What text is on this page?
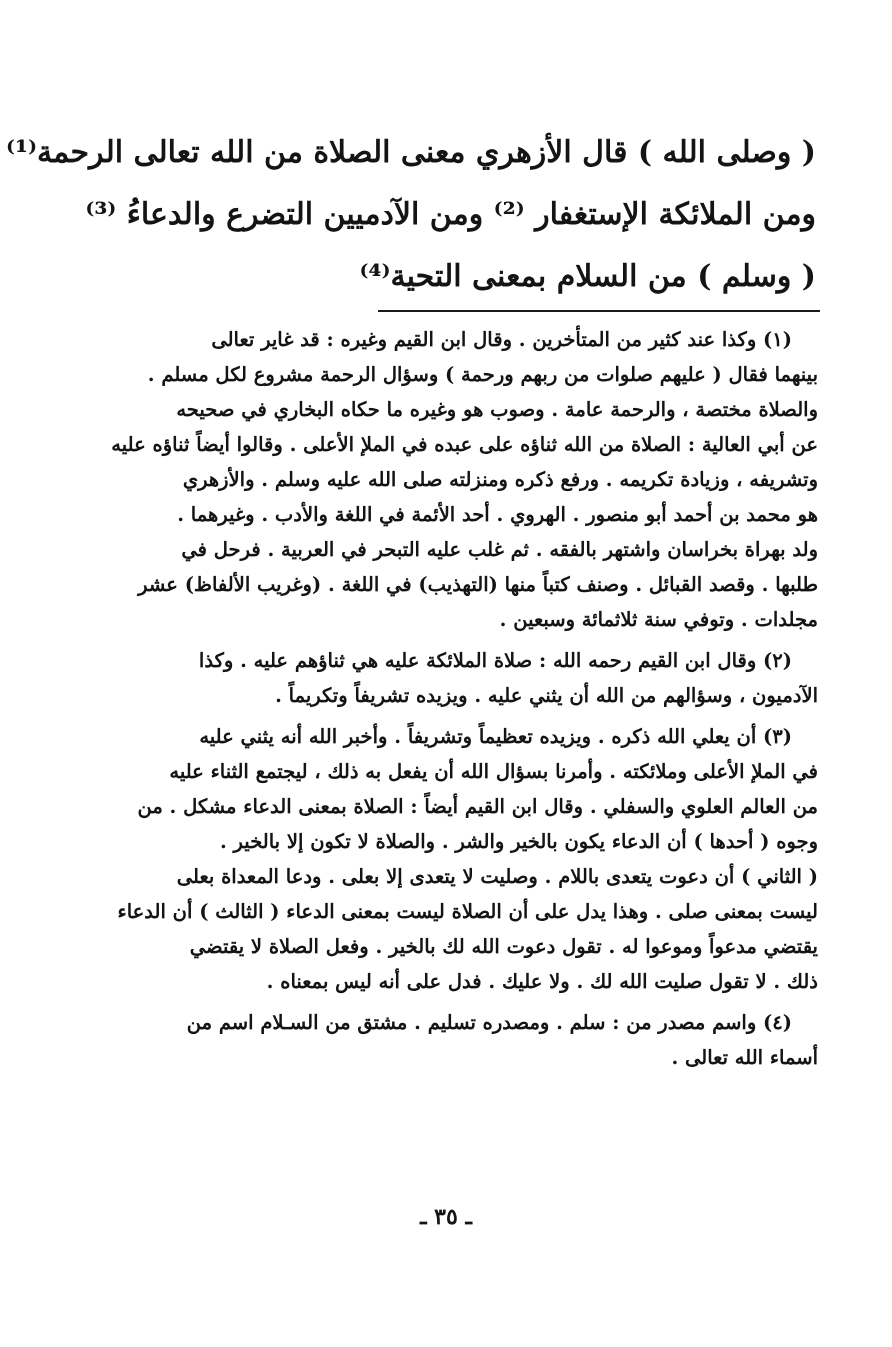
( وصلى الله ) قال الأزهري معنى الصلاة من الله تعالى الرحمة⁽¹⁾
ومن الملائكة الإستغفار ⁽²⁾ ومن الآدميين التضرع والدعاءُ ⁽³⁾
( وسلم ) من السلام بمعنى التحية⁽⁴⁾
(١) وكذا عند كثير من المتأخرين . وقال ابن القيم وغيره : قد غاير تعالى
بينهما فقال ( عليهم صلوات من ربهم ورحمة ) وسؤال الرحمة مشروع لكل مسلم .
والصلاة مختصة ، والرحمة عامة . وصوب هو وغيره ما حكاه البخاري في صحيحه
عن أبي العالية : الصلاة من الله ثناؤه على عبده في الملإ الأعلى . وقالوا أيضاً ثناؤه عليه
وتشريفه ، وزيادة تكريمه . ورفع ذكره ومنزلته صلى الله عليه وسلم . والأزهري
هو محمد بن أحمد أبو منصور . الهروي . أحد الأئمة في اللغة والأدب . وغيرهما .
ولد بهراة بخراسان واشتهر بالفقه . ثم غلب عليه التبحر في العربية . فرحل في
طلبها . وقصد القبائل . وصنف كتباً منها (التهذيب) في اللغة . (وغريب الألفاظ) عشر
مجلدات . وتوفي سنة ثلاثمائة وسبعين .
(٢) وقال ابن القيم رحمه الله : صلاة الملائكة عليه هي ثناؤهم عليه . وكذا
الآدميون ، وسؤالهم من الله أن يثني عليه . ويزيده تشريفاً وتكريماً .
(٣) أن يعلي الله ذكره . ويزيده تعظيماً وتشريفاً . وأخبر الله أنه يثني عليه
في الملإ الأعلى وملائكته . وأمرنا بسؤال الله أن يفعل به ذلك ، ليجتمع الثناء عليه
من العالم العلوي والسفلي . وقال ابن القيم أيضاً : الصلاة بمعنى الدعاء مشكل . من
وجوه ( أحدها ) أن الدعاء يكون بالخير والشر . والصلاة لا تكون إلا بالخير .
( الثاني ) أن دعوت يتعدى باللام . وصليت لا يتعدى إلا بعلى . ودعا المعداة بعلى
ليست بمعنى صلى . وهذا يدل على أن الصلاة ليست بمعنى الدعاء ( الثالث ) أن الدعاء
يقتضي مدعواً وموعوا له . تقول دعوت الله لك بالخير . وفعل الصلاة لا يقتضي
ذلك . لا تقول صليت الله لك . ولا عليك . فدل على أنه ليس بمعناه .
(٤) واسم مصدر من : سلم . ومصدره تسليم . مشتق من السـلام اسم من
أسماء الله تعالى .
ـ ٣٥ ـ
